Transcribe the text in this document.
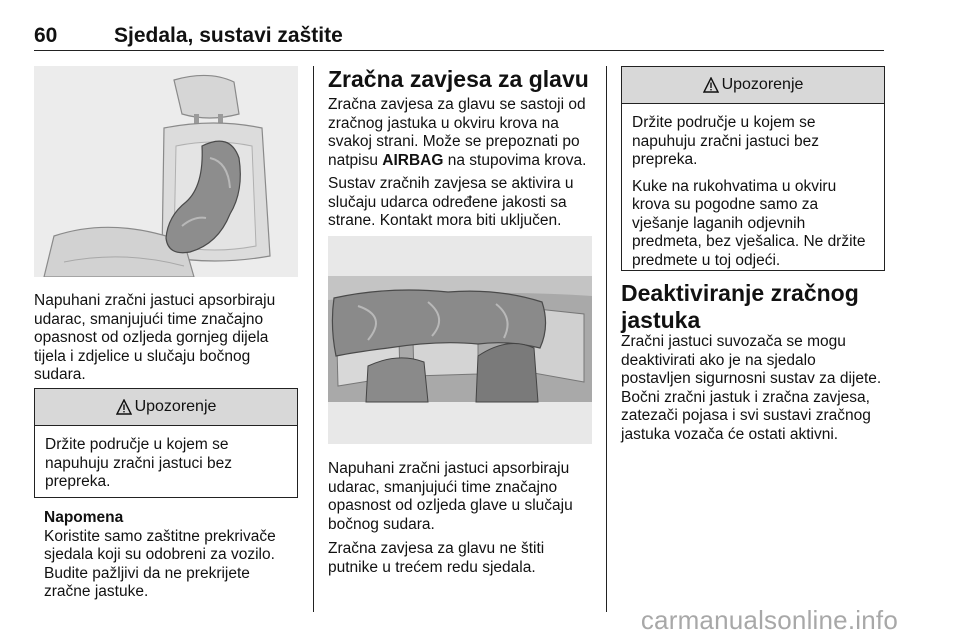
60	Sjedala, sustavi zaštite

Napuhani zračni jastuci apsorbiraju udarac, smanjujući time značajno opasnost od ozljeda gornjeg dijela tijela i zdjelice u slučaju bočnog sudara.

Upozorenje

Držite područje u kojem se napuhuju zračni jastuci bez prepreka.

Napomena

Koristite samo zaštitne prekrivače sjedala koji su odobreni za vozilo. Budite pažljivi da ne prekrijete zračne jastuke.

Zračna zavjesa za glavu

Zračna zavjesa za glavu se sastoji od zračnog jastuka u okviru krova na svakoj strani. Može se prepoznati po natpisu AIRBAG na stupovima krova.

Sustav zračnih zavjesa se aktivira u slučaju udarca određene jakosti sa strane. Kontakt mora biti uključen.

Napuhani zračni jastuci apsorbiraju udarac, smanjujući time značajno opasnost od ozljeda glave u slučaju bočnog sudara.

Zračna zavjesa za glavu ne štiti putnike u trećem redu sjedala.

Upozorenje

Držite područje u kojem se napuhuju zračni jastuci bez prepreka.

Kuke na rukohvatima u okviru krova su pogodne samo za vješanje laganih odjevnih predmeta, bez vješalica. Ne držite predmete u toj odjeći.

Deaktiviranje zračnog jastuka

Zračni jastuci suvozača se mogu deaktivirati ako je na sjedalo postavljen sigurnosni sustav za dijete. Bočni zračni jastuk i zračna zavjesa, zatezači pojasa i svi sustavi zračnog jastuka vozača će ostati aktivni.

carmanualsonline.info
